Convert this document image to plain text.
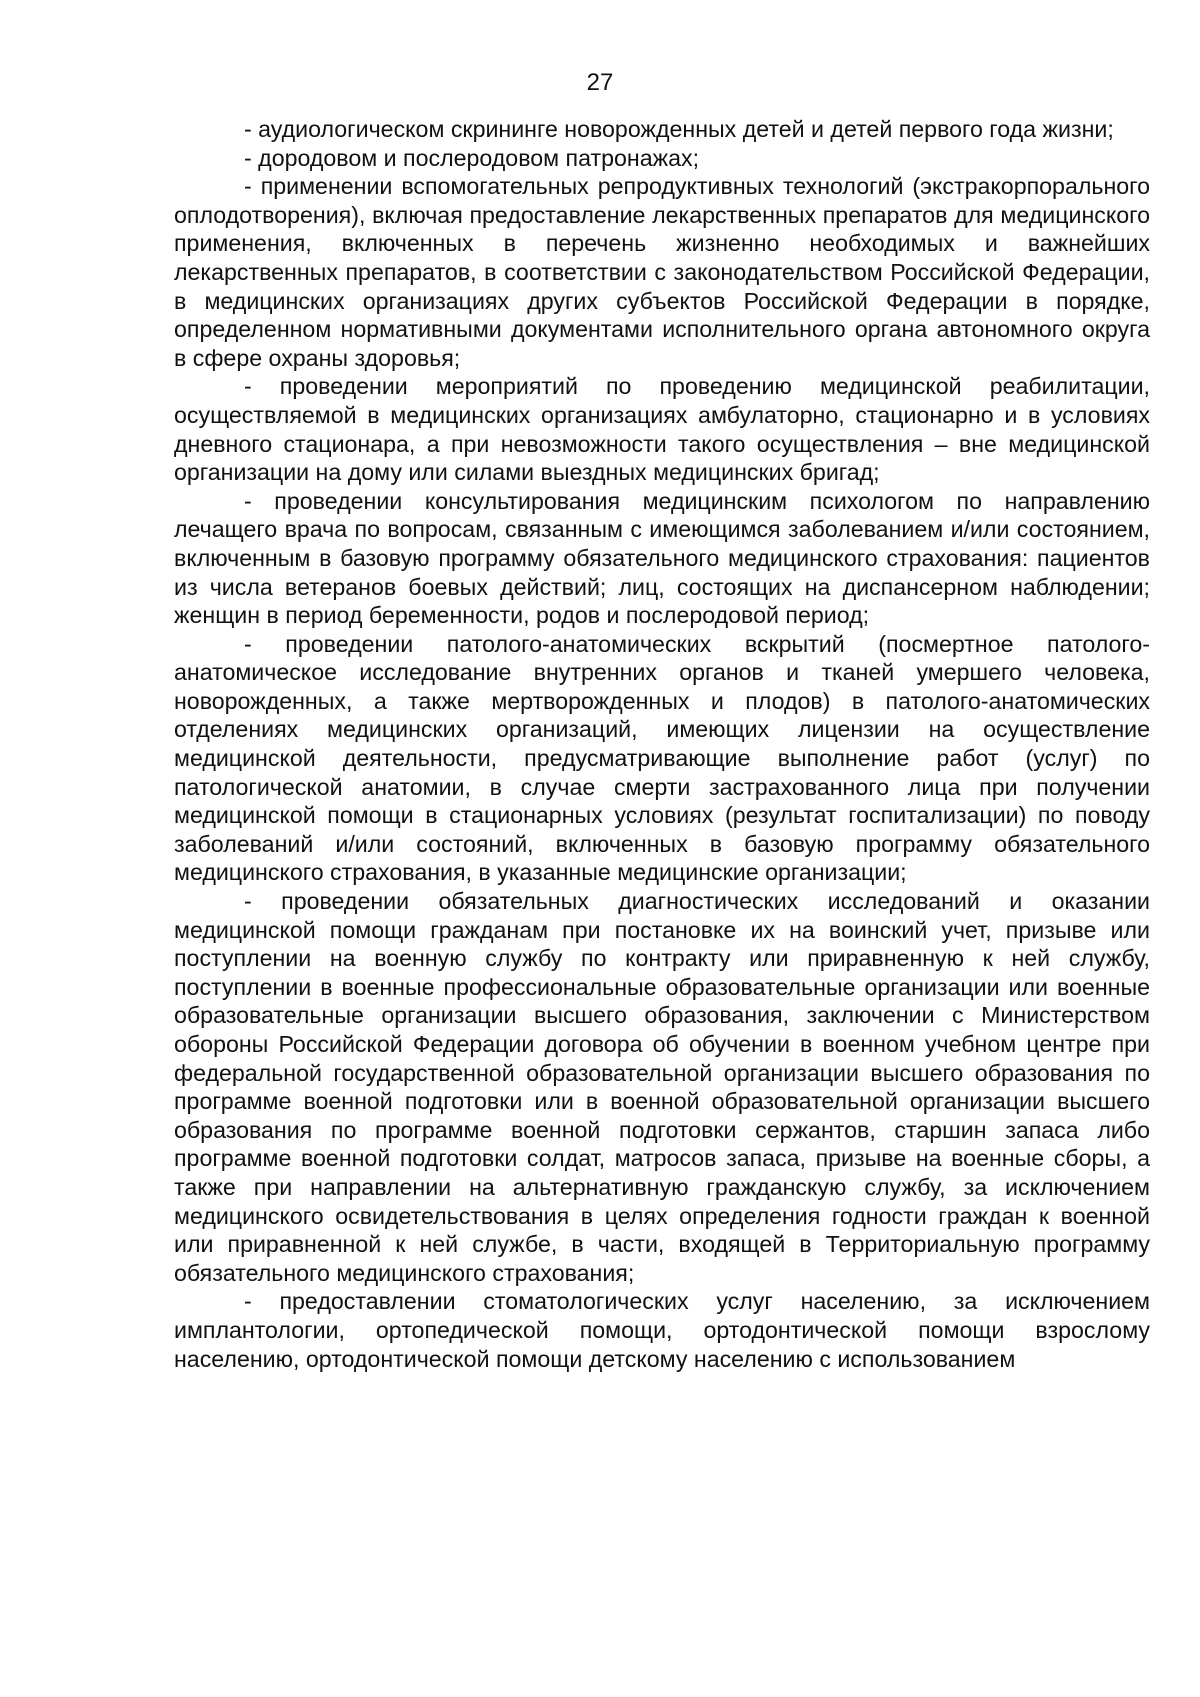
27

- аудиологическом скрининге новорожденных детей и детей первого года жизни;

- дородовом и послеродовом патронажах;

- применении вспомогательных репродуктивных технологий (экстракорпорального оплодотворения), включая предоставление лекарственных препаратов для медицинского применения, включенных в перечень жизненно необходимых и важнейших лекарственных препаратов, в соответствии с законодательством Российской Федерации, в медицинских организациях других субъектов Российской Федерации в порядке, определенном нормативными документами исполнительного органа автономного округа в сфере охраны здоровья;

- проведении мероприятий по проведению медицинской реабилитации, осуществляемой в медицинских организациях амбулаторно, стационарно и в условиях дневного стационара, а при невозможности такого осуществления – вне медицинской организации на дому или силами выездных медицинских бригад;

- проведении консультирования медицинским психологом по направлению лечащего врача по вопросам, связанным с имеющимся заболеванием и/или состоянием, включенным в базовую программу обязательного медицинского страхования: пациентов из числа ветеранов боевых действий; лиц, состоящих на диспансерном наблюдении; женщин в период беременности, родов и послеродовой период;

- проведении патолого-анатомических вскрытий (посмертное патолого-анатомическое исследование внутренних органов и тканей умершего человека, новорожденных, а также мертворожденных и плодов) в патолого-анатомических отделениях медицинских организаций, имеющих лицензии на осуществление медицинской деятельности, предусматривающие выполнение работ (услуг) по патологической анатомии, в случае смерти застрахованного лица при получении медицинской помощи в стационарных условиях (результат госпитализации) по поводу заболеваний и/или состояний, включенных в базовую программу обязательного медицинского страхования, в указанные медицинские организации;

- проведении обязательных диагностических исследований и оказании медицинской помощи гражданам при постановке их на воинский учет, призыве или поступлении на военную службу по контракту или приравненную к ней службу, поступлении в военные профессиональные образовательные организации или военные образовательные организации высшего образования, заключении с Министерством обороны Российской Федерации договора об обучении в военном учебном центре при федеральной государственной образовательной организации высшего образования по программе военной подготовки или в военной образовательной организации высшего образования по программе военной подготовки сержантов, старшин запаса либо программе военной подготовки солдат, матросов запаса, призыве на военные сборы, а также при направлении на альтернативную гражданскую службу, за исключением медицинского освидетельствования в целях определения годности граждан к военной или приравненной к ней службе, в части, входящей в Территориальную программу обязательного медицинского страхования;

- предоставлении стоматологических услуг населению, за исключением имплантологии, ортопедической помощи, ортодонтической помощи взрослому населению, ортодонтической помощи детскому населению с использованием
